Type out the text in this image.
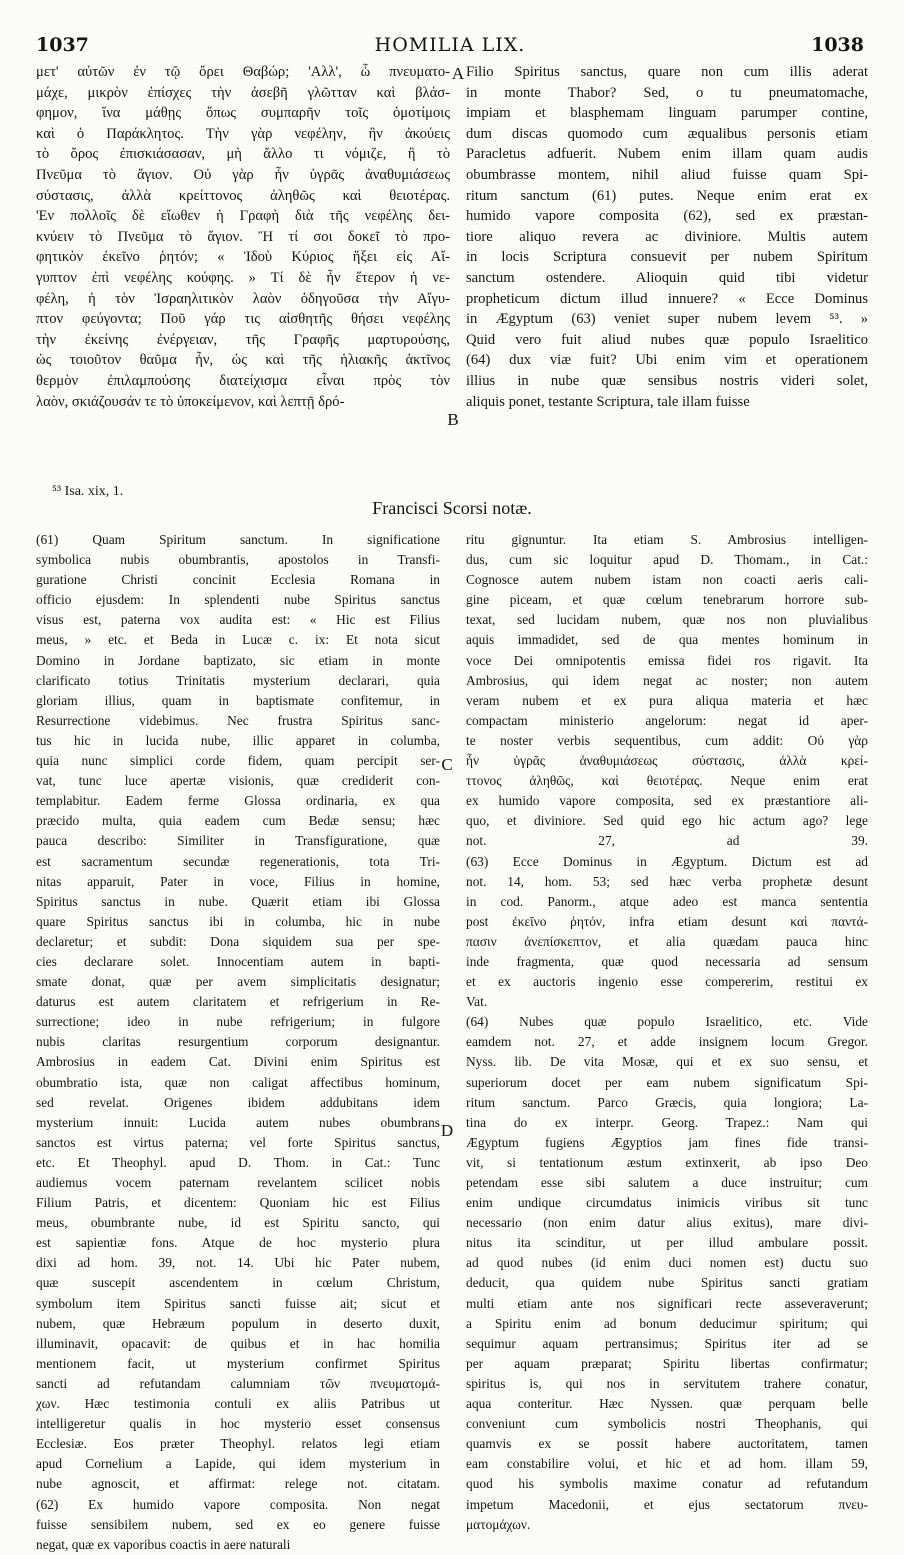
1037	HOMILIA LIX.	1038
μετ' αὐτῶν ἐν τῷ ὄρει Θαβώρ; 'Αλλ', ὦ πνευματο-
μάχε, μικρὸν ἐπίσχες τὴν ἀσεβῆ γλῶτταν καὶ βλάσ-
φημον, ἵνα μάθῃς ὅπως συμπαρῆν τοῖς ὁμοτίμοις
καὶ ὁ Παράκλητος. Τὴν γὰρ νεφέλην, ἣν ἀκούεις
τὸ ὄρος ἐπισκιάσασαν, μὴ ἄλλο τι νόμιζε, ἢ τὸ
Πνεῦμα τὸ ἅγιον. Οὐ γὰρ ἦν ὑγρᾶς ἀναθυμιάσεως
σύστασις, ἀλλὰ κρείττονος ἀληθῶς καὶ θειοτέρας.
'Εν πολλοῖς δὲ εἴωθεν ἡ Γραφὴ διὰ τῆς νεφέλης δει-
κνύειν τὸ Πνεῦμα τὸ ἅγιον. Ἢ τί σοι δοκεῖ τὸ προ-
φητικὸν ἐκεῖνο ῥητόν; « Ἰδοὺ Κύριος ἥξει εἰς Αἴ-
γυπτον ἐπὶ νεφέλης κούφης. » Τί δὲ ἦν ἕτερον ἡ νε-
φέλη, ἡ τὸν Ἰσραηλιτικὸν λαὸν ὁδηγοῦσα τὴν Αἴγυ-
πτον φεύγοντα; Ποῦ γάρ τις αἰσθητῆς θήσει νεφέλης
τὴν ἐκείνης ἐνέργειαν, τῆς Γραφῆς μαρτυρούσης,
ὡς τοιοῦτον θαῦμα ἦν, ὡς καὶ τῆς ἡλιακῆς ἀκτῖνος
θερμὸν ἐπιλαμπούσης διατείχισμα εἶναι πρὸς τὸν
λαὸν, σκιάζουσάν τε τὸ ὑποκείμενον, καὶ λεπτῇ δρό-
Filio Spiritus sanctus, quare non cum illis aderat
in monte Thabor? Sed, o tu pneumatomache,
impiam et blasphemam linguam parumper contine,
dum discas quomodo cum æqualibus personis etiam
Paracletus adfuerit. Nubem enim illam quam audis
obumbrasse montem, nihil aliud fuisse quam Spi-
ritum sanctum (61) putes. Neque enim erat ex
humido vapore composita (62), sed ex præstan-
tiore aliquo revera ac diviniore. Multis autem
in locis Scriptura consuevit per nubem Spiritum
sanctum ostendere. Alioquin quid tibi videtur
propheticum dictum illud innuere? « Ecce Dominus
in Ægyptum (63) veniet super nubem levem ⁵³. »
Quid vero fuit aliud nubes quæ populo Israelitico
(64) dux viæ fuit? Ubi enim vim et operationem
illius in nube quæ sensibus nostris videri solet,
aliquis ponet, testante Scriptura, tale illam fuisse
A
B
C
D
⁵³ Isa. xix, 1.
Francisci Scorsi notæ.
(61) Quam Spiritum sanctum. In significatione
symbolica nubis obumbrantis, apostolos in Transfi-
guratione Christi concinit Ecclesia Romana in
officio ejusdem: In splendenti nube Spiritus sanctus
visus est, paterna vox audita est: « Hic est Filius
meus, » etc. et Beda in Lucæ c. ix: Et nota sicut
Domino in Jordane baptizato, sic etiam in monte
clarificato totius Trinitatis mysterium declarari, quia
gloriam illius, quam in baptismate confitemur, in
Resurrectione videbimus. Nec frustra Spiritus sanc-
tus hic in lucida nube, illic apparet in columba,
quia nunc simplici corde fidem, quam percipit ser-
vat, tunc luce apertæ visionis, quæ crediderit con-
templabitur. Eadem ferme Glossa ordinaria, ex qua
præcido multa, quia eadem cum Bedæ sensu; hæc
pauca describo: Similiter in Transfiguratione, quæ
est sacramentum secundæ regenerationis, tota Tri-
nitas apparuit, Pater in voce, Filius in homine,
Spiritus sanctus in nube. Quærit etiam ibi Glossa
quare Spiritus sanctus ibi in columba, hic in nube
declaretur; et subdit: Dona siquidem sua per spe-
cies declarare solet. Innocentiam autem in bapti-
smate donat, quæ per avem simplicitatis designatur;
daturus est autem claritatem et refrigerium in Re-
surrectione; ideo in nube refrigerium; in fulgore
nubis claritas resurgentium corporum designantur.
Ambrosius in eadem Cat. Divini enim Spiritus est
obumbratio ista, quæ non caligat affectibus hominum,
sed revelat. Origenes ibidem addubitans idem
mysterium innuit: Lucida autem nubes obumbrans
sanctos est virtus paterna; vel forte Spiritus sanctus,
etc. Et Theophyl. apud D. Thom. in Cat.: Tunc
audiemus vocem paternam revelantem scilicet nobis
Filium Patris, et dicentem: Quoniam hic est Filius
meus, obumbrante nube, id est Spiritu sancto, qui
est sapientiæ fons. Atque de hoc mysterio plura
dixi ad hom. 39, not. 14. Ubi hic Pater nubem,
quæ suscepit ascendentem in cœlum Christum,
symbolum item Spiritus sancti fuisse ait; sicut et
nubem, quæ Hebræum populum in deserto duxit,
illuminavit, opacavit: de quibus et in hac homilia
mentionem facit, ut mysterium confirmet Spiritus
sancti ad refutandam calumniam τῶν πνευματομά-
χων. Hæc testimonia contuli ex aliis Patribus ut
intelligeretur qualis in hoc mysterio esset consensus
Ecclesiæ. Eos præter Theophyl. relatos legi etiam
apud Cornelium a Lapide, qui idem mysterium in
nube agnoscit, et affirmat: relege not. citatam.
(62) Ex humido vapore composita. Non negat
fuisse sensibilem nubem, sed ex eo genere fuisse
negat, quæ ex vaporibus coactis in aere naturali
ritu gignuntur. Ita etiam S. Ambrosius intelligen-
dus, cum sic loquitur apud D. Thomam., in Cat.:
Cognosce autem nubem istam non coacti aeris cali-
gine piceam, et quæ cœlum tenebrarum horrore sub-
texat, sed lucidam nubem, quæ nos non pluvialibus
aquis immadidet, sed de qua mentes hominum in
voce Dei omnipotentis emissa fidei ros rigavit. Ita
Ambrosius, qui idem negat ac noster; non autem
veram nubem et ex pura aliqua materia et hæc
compactam ministerio angelorum: negat id aper-
te noster verbis sequentibus, cum addit: Οὐ γὰρ
ἦν ὑγρᾶς ἀναθυμιάσεως σύστασις, ἀλλὰ κρεί-
ττονος ἀληθῶς, καὶ θειοτέρας. Neque enim erat
ex humido vapore composita, sed ex præstantiore ali-
quo, et diviniore. Sed quid ego hic actum ago? lege
not. 27, ad 39.
(63) Ecce Dominus in Ægyptum. Dictum est ad
not. 14, hom. 53; sed hæc verba prophetæ desunt
in cod. Panorm., atque adeo est manca sententia
post ἐκεῖνο ῥητόν, infra etiam desunt καὶ παντά-
πασιν ἀνεπίσκεπτον, et alia quædam pauca hinc
inde fragmenta, quæ quod necessaria ad sensum
et ex auctoris ingenio esse compererim, restitui ex
Vat.
(64) Nubes quæ populo Israelitico, etc. Vide
eamdem not. 27, et adde insignem locum Gregor.
Nyss. lib. De vita Mosæ, qui et ex suo sensu, et
superiorum docet per eam nubem significatum Spi-
ritum sanctum. Parco Græcis, quia longiora; La-
tina do ex interpr. Georg. Trapez.: Nam qui
Ægyptum fugiens Ægyptios jam fines fide transi-
vit, si tentationum æstum extinxerit, ab ipso Deo
petendam esse sibi salutem a duce instruitur; cum
enim undique circumdatus inimicis viribus sit tunc
necessario (non enim datur alius exitus), mare divi-
nitus ita scinditur, ut per illud ambulare possit.
ad quod nubes (id enim duci nomen est) ductu suo
deducit, qua quidem nube Spiritus sancti gratiam
multi etiam ante nos significari recte asseveraverunt;
a Spiritu enim ad bonum deducimur spiritum; qui
sequimur aquam pertransimus; Spiritus iter ad se
per aquam præparat; Spiritu libertas confirmatur;
spiritus is, qui nos in servitutem trahere conatur,
aqua conteritur. Hæc Nyssen. quæ perquam belle
conveniunt cum symbolicis nostri Theophanis, qui
quamvis ex se possit habere auctoritatem, tamen
eam constabilire volui, et hic et ad hom. illam 59,
quod his symbolis maxime conatur ad refutandum
impetum Macedonii, et ejus sectatorum πνευ-
ματομάχων.
